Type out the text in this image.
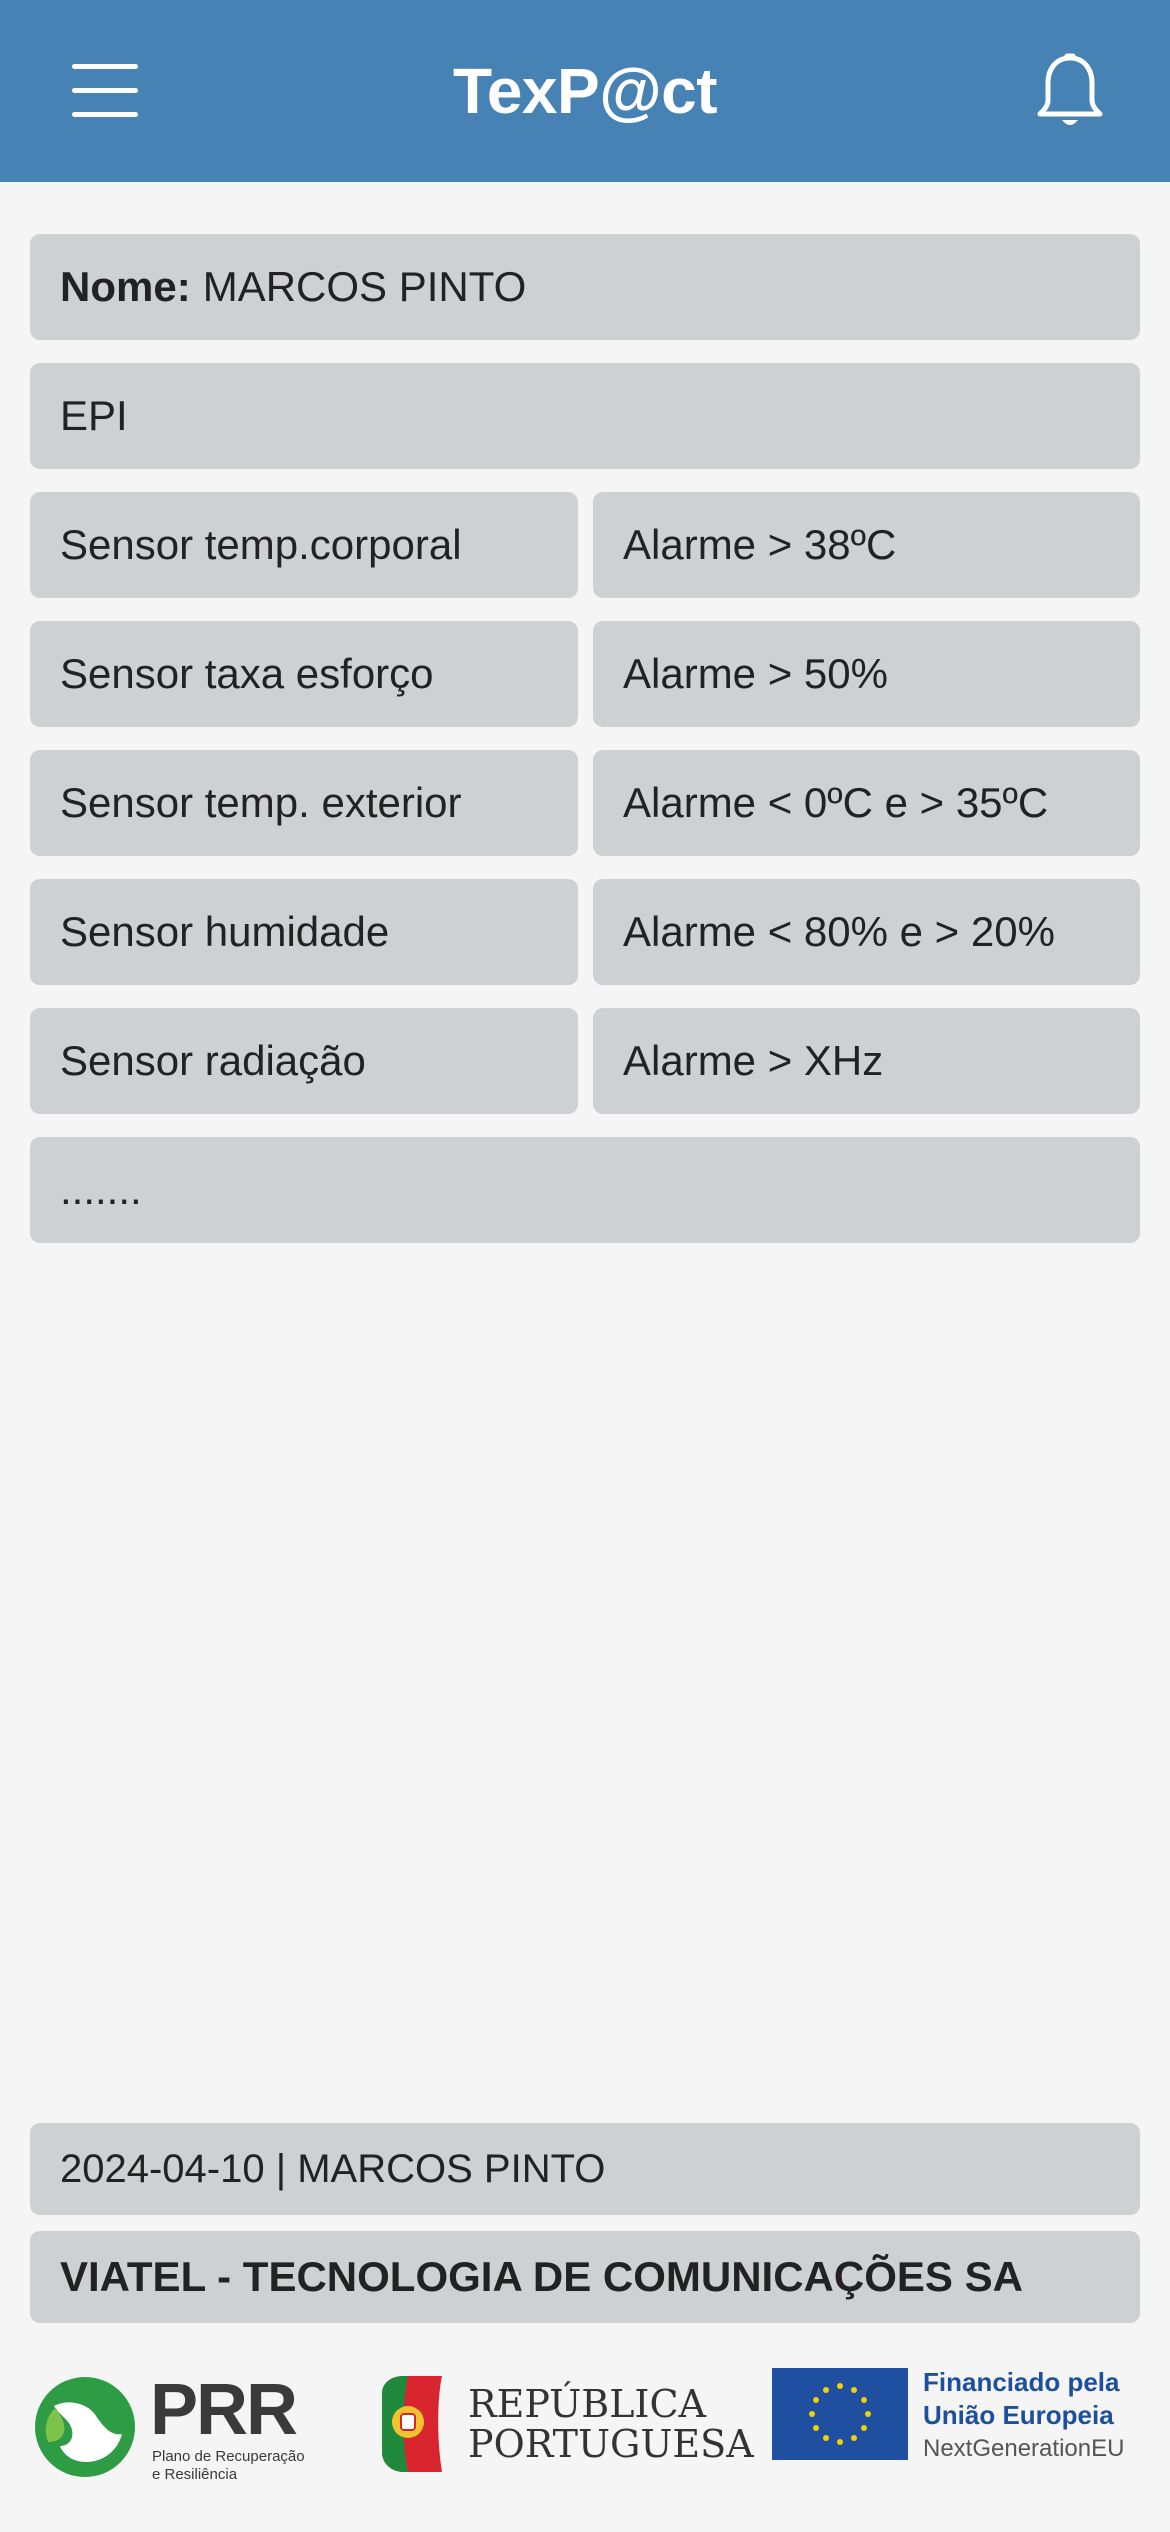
TexP@ct
Nome: MARCOS PINTO
EPI
Sensor temp.corporal	Alarme > 38ºC
Sensor taxa esforço	Alarme > 50%
Sensor temp. exterior	Alarme < 0ºC e > 35ºC
Sensor humidade	Alarme < 80% e > 20%
Sensor radiação	Alarme > XHz
.......
2024-04-10 | MARCOS PINTO
VIATEL - TECNOLOGIA DE COMUNICAÇÕES SA
PRR
Plano de Recuperação
e Resiliência
REPÚBLICA
PORTUGUESA
Financiado pela
União Europeia
NextGenerationEU
